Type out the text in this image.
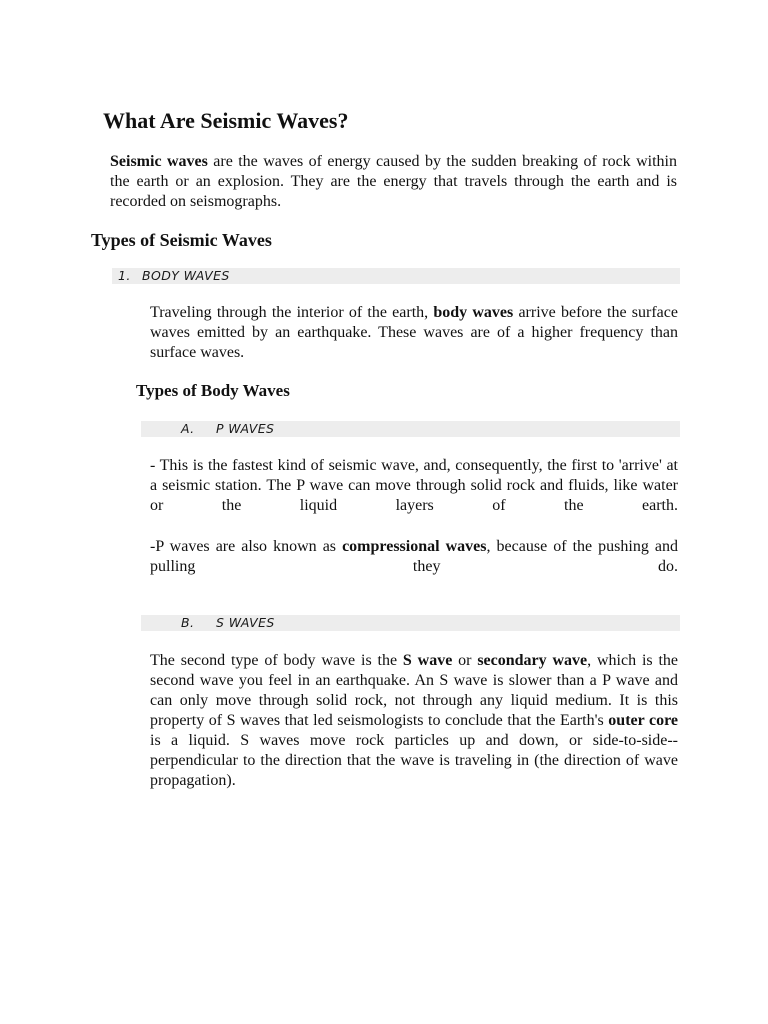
What Are Seismic Waves?

Seismic waves are the waves of energy caused by the sudden breaking of rock within the earth or an explosion. They are the energy that travels through the earth and is recorded on seismographs.

Types of Seismic Waves
1. BODY WAVES

Traveling through the interior of the earth, body waves arrive before the surface waves emitted by an earthquake. These waves are of a higher frequency than surface waves.

Types of Body Waves
A. P WAVES

- This is the fastest kind of seismic wave, and, consequently, the first to 'arrive' at a seismic station. The P wave can move through solid rock and fluids, like water or the liquid layers of the earth.

-P waves are also known as compressional waves, because of the pushing and pulling they do.

B. S WAVES

The second type of body wave is the S wave or secondary wave, which is the second wave you feel in an earthquake. An S wave is slower than a P wave and can only move through solid rock, not through any liquid medium. It is this property of S waves that led seismologists to conclude that the Earth's outer core is a liquid. S waves move rock particles up and down, or side-to-side--perpendicular to the direction that the wave is traveling in (the direction of wave propagation).
